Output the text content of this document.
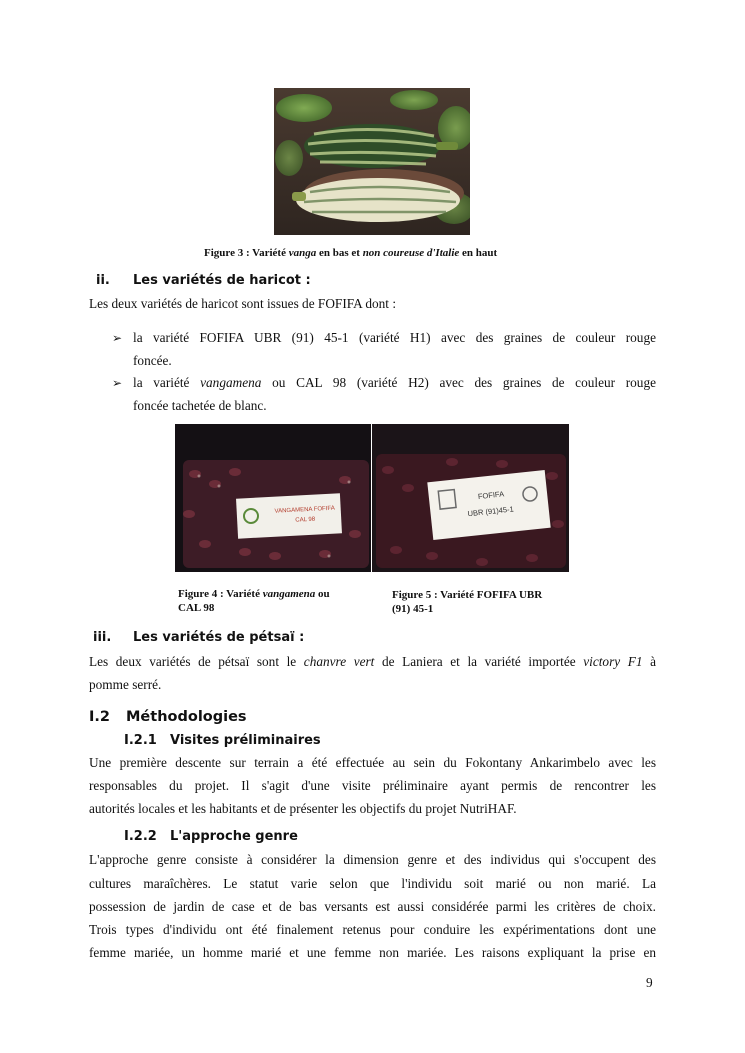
Figure 3 : Variété vanga en bas et non coureuse d'Italie en haut
ii. Les variétés de haricot :
Les deux variétés de haricot sont issues de FOFIFA dont :
➢ la variété FOFIFA UBR (91) 45-1 (variété H1) avec des graines de couleur rouge
foncée.
➢ la variété vangamena ou CAL 98 (variété H2) avec des graines de couleur rouge
foncée tachetée de blanc.
VANGAMENA FOFIFA
CAL 98
FOFIFA
UBR (91)45-1
Figure 4 : Variété vangamena ou
CAL 98
Figure 5 : Variété FOFIFA UBR
(91) 45-1
iii. Les variétés de pétsaï :
Les deux variétés de pétsaï sont le chanvre vert de Laniera et la variété importée victory F1 à
pomme serré.
I.2 Méthodologies
I.2.1 Visites préliminaires
Une première descente sur terrain a été effectuée au sein du Fokontany Ankarimbelo avec les
responsables du projet. Il s'agit d'une visite préliminaire ayant permis de rencontrer les
autorités locales et les habitants et de présenter les objectifs du projet NutriHAF.
I.2.2 L'approche genre
L'approche genre consiste à considérer la dimension genre et des individus qui s'occupent des
cultures maraîchères. Le statut varie selon que l'individu soit marié ou non marié. La
possession de jardin de case et de bas versants est aussi considérée parmi les critères de choix.
Trois types d'individu ont été finalement retenus pour conduire les expérimentations dont une
femme mariée, un homme marié et une femme non mariée. Les raisons expliquant la prise en
9
